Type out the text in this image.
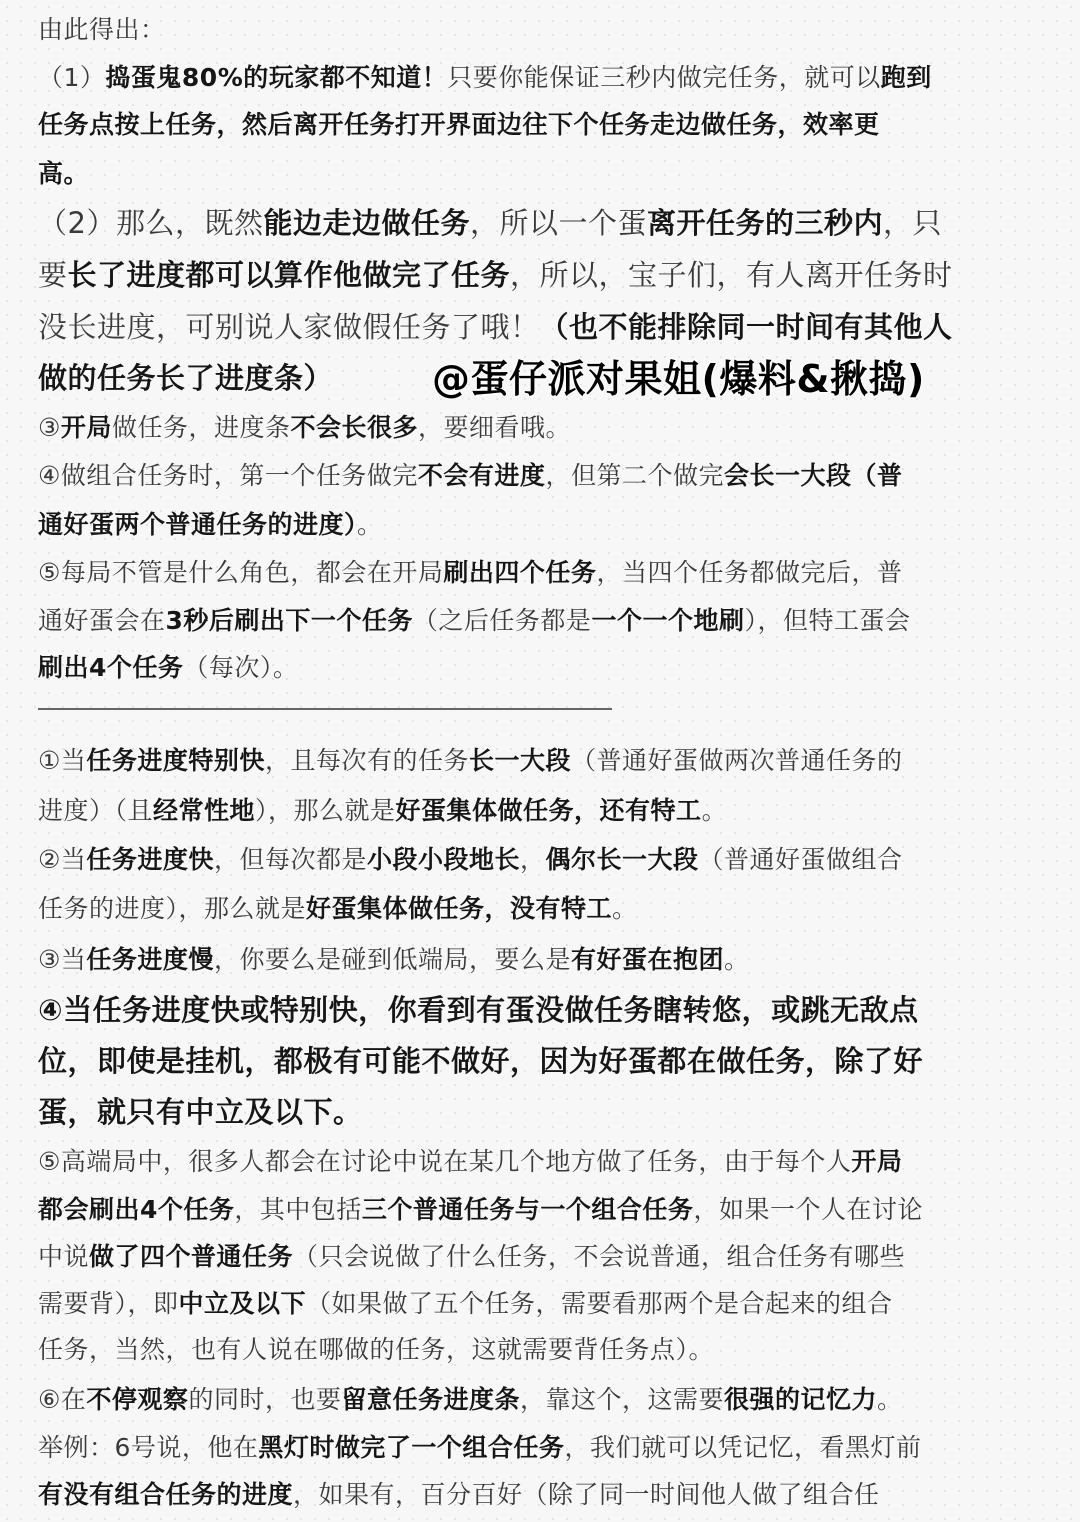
由此得出：
（1）捣蛋鬼80%的玩家都不知道！只要你能保证三秒内做完任务，就可以跑到
任务点按上任务，然后离开任务打开界面边往下个任务走边做任务，效率更
高。
（2）那么，既然能边走边做任务，所以一个蛋离开任务的三秒内，只
要长了进度都可以算作他做完了任务，所以，宝子们，有人离开任务时
没长进度，可别说人家做假任务了哦！（也不能排除同一时间有其他人
做的任务长了进度条）	@蛋仔派对果姐(爆料&揪捣)
③开局做任务，进度条不会长很多，要细看哦。
④做组合任务时，第一个任务做完不会有进度，但第二个做完会长一大段（普
通好蛋两个普通任务的进度）。
⑤每局不管是什么角色，都会在开局刷出四个任务，当四个任务都做完后，普
通好蛋会在3秒后刷出下一个任务（之后任务都是一个一个地刷），但特工蛋会
刷出4个任务（每次）。
①当任务进度特别快，且每次有的任务长一大段（普通好蛋做两次普通任务的
进度）（且经常性地），那么就是好蛋集体做任务，还有特工。
②当任务进度快，但每次都是小段小段地长，偶尔长一大段（普通好蛋做组合
任务的进度），那么就是好蛋集体做任务，没有特工。
③当任务进度慢，你要么是碰到低端局，要么是有好蛋在抱团。
④当任务进度快或特别快，你看到有蛋没做任务瞎转悠，或跳无敌点
位，即使是挂机，都极有可能不做好，因为好蛋都在做任务，除了好
蛋，就只有中立及以下。
⑤高端局中，很多人都会在讨论中说在某几个地方做了任务，由于每个人开局
都会刷出4个任务，其中包括三个普通任务与一个组合任务，如果一个人在讨论
中说做了四个普通任务（只会说做了什么任务，不会说普通，组合任务有哪些
需要背），即中立及以下（如果做了五个任务，需要看那两个是合起来的组合
任务，当然，也有人说在哪做的任务，这就需要背任务点）。
⑥在不停观察的同时，也要留意任务进度条，靠这个，这需要很强的记忆力。
举例：6号说，他在黑灯时做完了一个组合任务，我们就可以凭记忆，看黑灯前
有没有组合任务的进度，如果有，百分百好（除了同一时间他人做了组合任
